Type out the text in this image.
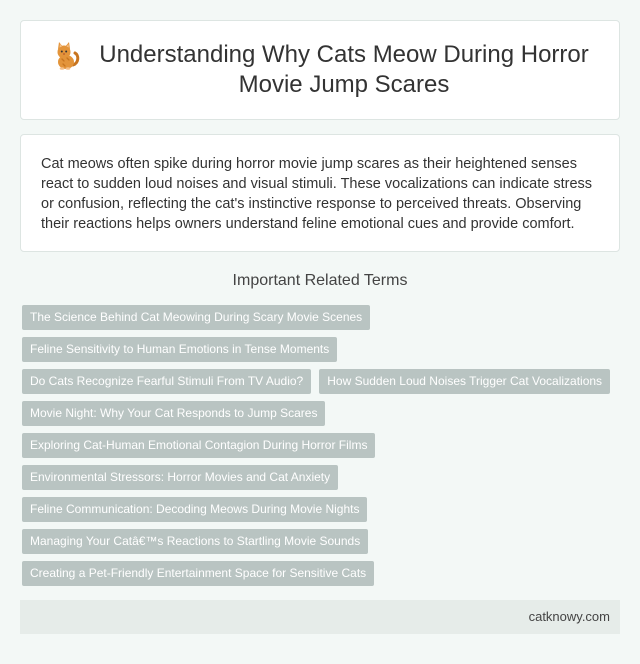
Understanding Why Cats Meow During Horror Movie Jump Scares

Cat meows often spike during horror movie jump scares as their heightened senses react to sudden loud noises and visual stimuli. These vocalizations can indicate stress or confusion, reflecting the cat's instinctive response to perceived threats. Observing their reactions helps owners understand feline emotional cues and provide comfort.

Important Related Terms
The Science Behind Cat Meowing During Scary Movie Scenes
Feline Sensitivity to Human Emotions in Tense Moments
Do Cats Recognize Fearful Stimuli From TV Audio?	How Sudden Loud Noises Trigger Cat Vocalizations
Movie Night: Why Your Cat Responds to Jump Scares
Exploring Cat-Human Emotional Contagion During Horror Films
Environmental Stressors: Horror Movies and Cat Anxiety
Feline Communication: Decoding Meows During Movie Nights
Managing Your Catâ€™s Reactions to Startling Movie Sounds
Creating a Pet-Friendly Entertainment Space for Sensitive Cats
catknowy.com
